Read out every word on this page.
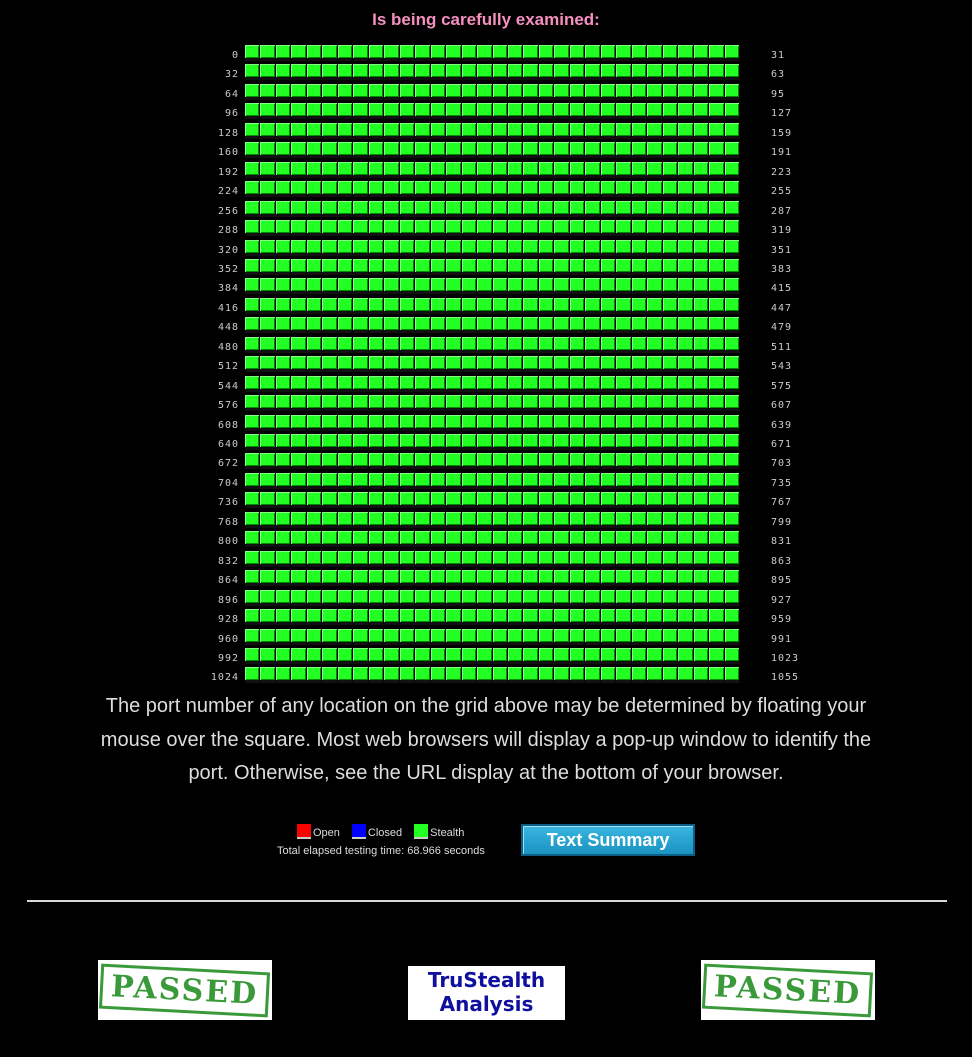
Is being carefully examined:
0	31
32	63
64	95
96	127
128	159
160	191
192	223
224	255
256	287
288	319
320	351
352	383
384	415
416	447
448	479
480	511
512	543
544	575
576	607
608	639
640	671
672	703
704	735
736	767
768	799
800	831
832	863
864	895
896	927
928	959
960	991
992	1023
1024	1055
The port number of any location on the grid above may be determined by floating your mouse over the square. Most web browsers will display a pop-up window to identify the port. Otherwise, see the URL display at the bottom of your browser.
Open	Closed	Stealth
Total elapsed testing time: 68.966 seconds
Text Summary
PASSED	TruStealth
Analysis	PASSED
